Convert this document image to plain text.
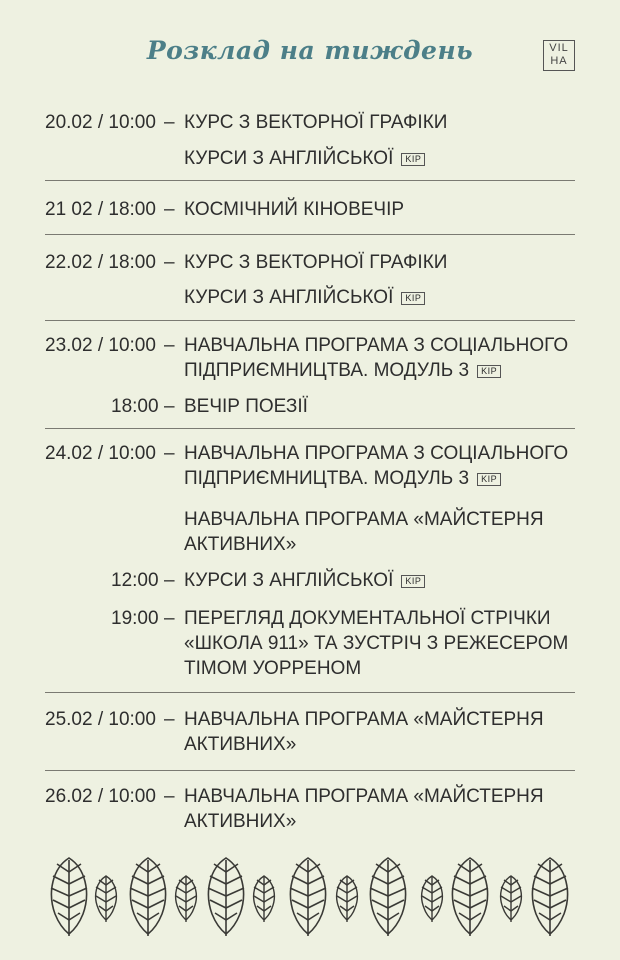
Розклад на тиждень	VIL
HA
20.02 / 10:00 – КУРС З ВЕКТОРНОЇ ГРАФІКИ
КУРСИ З АНГЛІЙСЬКОЇ KIP
21 02 / 18:00 – КОСМІЧНИЙ КІНОВЕЧІР
22.02 / 18:00 – КУРС З ВЕКТОРНОЇ ГРАФІКИ
КУРСИ З АНГЛІЙСЬКОЇ KIP
23.02 / 10:00 – НАВЧАЛЬНА ПРОГРАМА З СОЦІАЛЬНОГО ПІДПРИЄМНИЦТВА. МОДУЛЬ 3 KIP
18:00 – ВЕЧІР ПОЕЗІЇ
24.02 / 10:00 – НАВЧАЛЬНА ПРОГРАМА З СОЦІАЛЬНОГО ПІДПРИЄМНИЦТВА. МОДУЛЬ 3 KIP
НАВЧАЛЬНА ПРОГРАМА «МАЙСТЕРНЯ АКТИВНИХ»
12:00 – КУРСИ З АНГЛІЙСЬКОЇ KIP
19:00 – ПЕРЕГЛЯД ДОКУМЕНТАЛЬНОЇ СТРІЧКИ «ШКОЛА 911» ТА ЗУСТРІЧ З РЕЖЕСЕРОМ ТІМОМ УОРРЕНОМ
25.02 / 10:00 – НАВЧАЛЬНА ПРОГРАМА «МАЙСТЕРНЯ АКТИВНИХ»
26.02 / 10:00 – НАВЧАЛЬНА ПРОГРАМА «МАЙСТЕРНЯ АКТИВНИХ»
